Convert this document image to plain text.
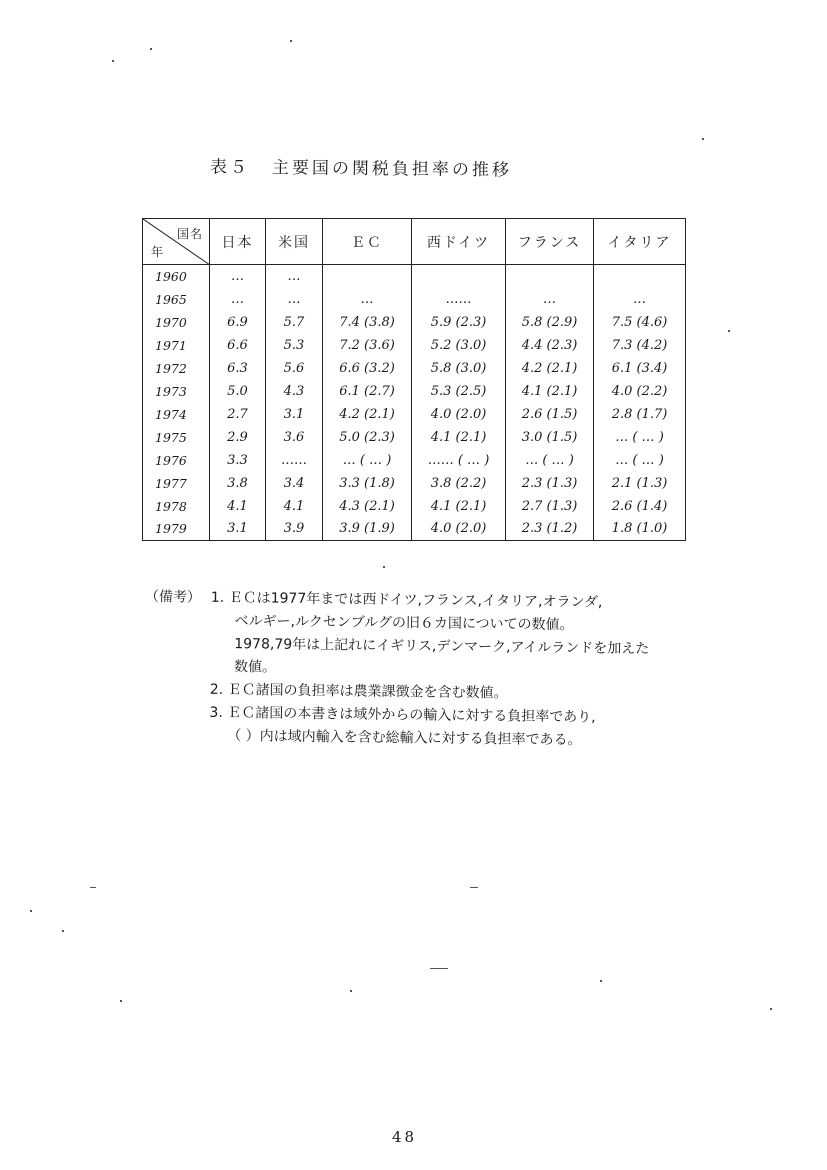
表５ 主要国の関税負担率の推移
国名
年	日本	米国	ＥＣ	西ドイツ	フランス	イタリア
1960	…	…				
1965	…	…	…	……	…	…
1970	6.9	5.7	7.4 (3.8)	5.9 (2.3)	5.8 (2.9)	7.5 (4.6)
1971	6.6	5.3	7.2 (3.6)	5.2 (3.0)	4.4 (2.3)	7.3 (4.2)
1972	6.3	5.6	6.6 (3.2)	5.8 (3.0)	4.2 (2.1)	6.1 (3.4)
1973	5.0	4.3	6.1 (2.7)	5.3 (2.5)	4.1 (2.1)	4.0 (2.2)
1974	2.7	3.1	4.2 (2.1)	4.0 (2.0)	2.6 (1.5)	2.8 (1.7)
1975	2.9	3.6	5.0 (2.3)	4.1 (2.1)	3.0 (1.5)	… ( … )
1976	3.3	……	… ( … )	…… ( … )	… ( … )	… ( … )
1977	3.8	3.4	3.3 (1.8)	3.8 (2.2)	2.3 (1.3)	2.1 (1.3)
1978	4.1	4.1	4.3 (2.1)	4.1 (2.1)	2.7 (1.3)	2.6 (1.4)
1979	3.1	3.9	3.9 (1.9)	4.0 (2.0)	2.3 (1.2)	1.8 (1.0)
（備考） 1. ＥＣは1977年までは西ドイツ,フランス,イタリア,オランダ,
ベルギー,ルクセンブルグの旧６カ国についての数値。
1978,79年は上記れにイギリス,デンマーク,アイルランドを加えた
数値。
2. ＥＣ諸国の負担率は農業課徴金を含む数値。
3. ＥＣ諸国の本書きは域外からの輸入に対する負担率であり,
（ ）内は域内輸入を含む総輸入に対する負担率である。
48
